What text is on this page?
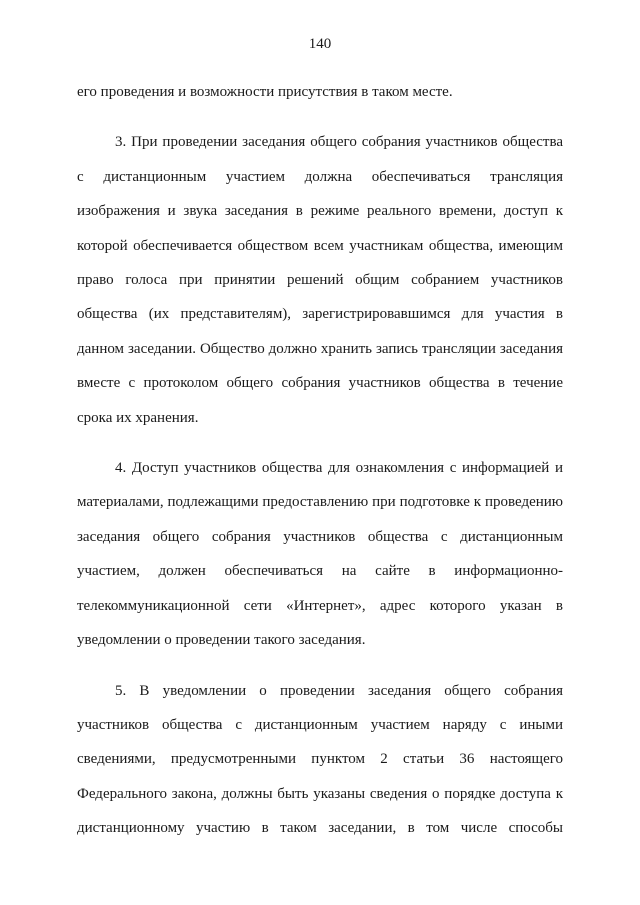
140

его проведения и возможности присутствия в таком месте.

3. При проведении заседания общего собрания участников общества с дистанционным участием должна обеспечиваться трансляция изображения и звука заседания в режиме реального времени, доступ к которой обеспечивается обществом всем участникам общества, имеющим право голоса при принятии решений общим собранием участников общества (их представителям), зарегистрировавшимся для участия в данном заседании. Общество должно хранить запись трансляции заседания вместе с протоколом общего собрания участников общества в течение срока их хранения.

4. Доступ участников общества для ознакомления с информацией и материалами, подлежащими предоставлению при подготовке к проведению заседания общего собрания участников общества с дистанционным участием, должен обеспечиваться на сайте в информационно-телекоммуникационной сети «Интернет», адрес которого указан в уведомлении о проведении такого заседания.

5. В уведомлении о проведении заседания общего собрания участников общества с дистанционным участием наряду с иными сведениями, предусмотренными пунктом 2 статьи 36 настоящего Федерального закона, должны быть указаны сведения о порядке доступа к дистанционному участию в таком заседании, в том числе способы
